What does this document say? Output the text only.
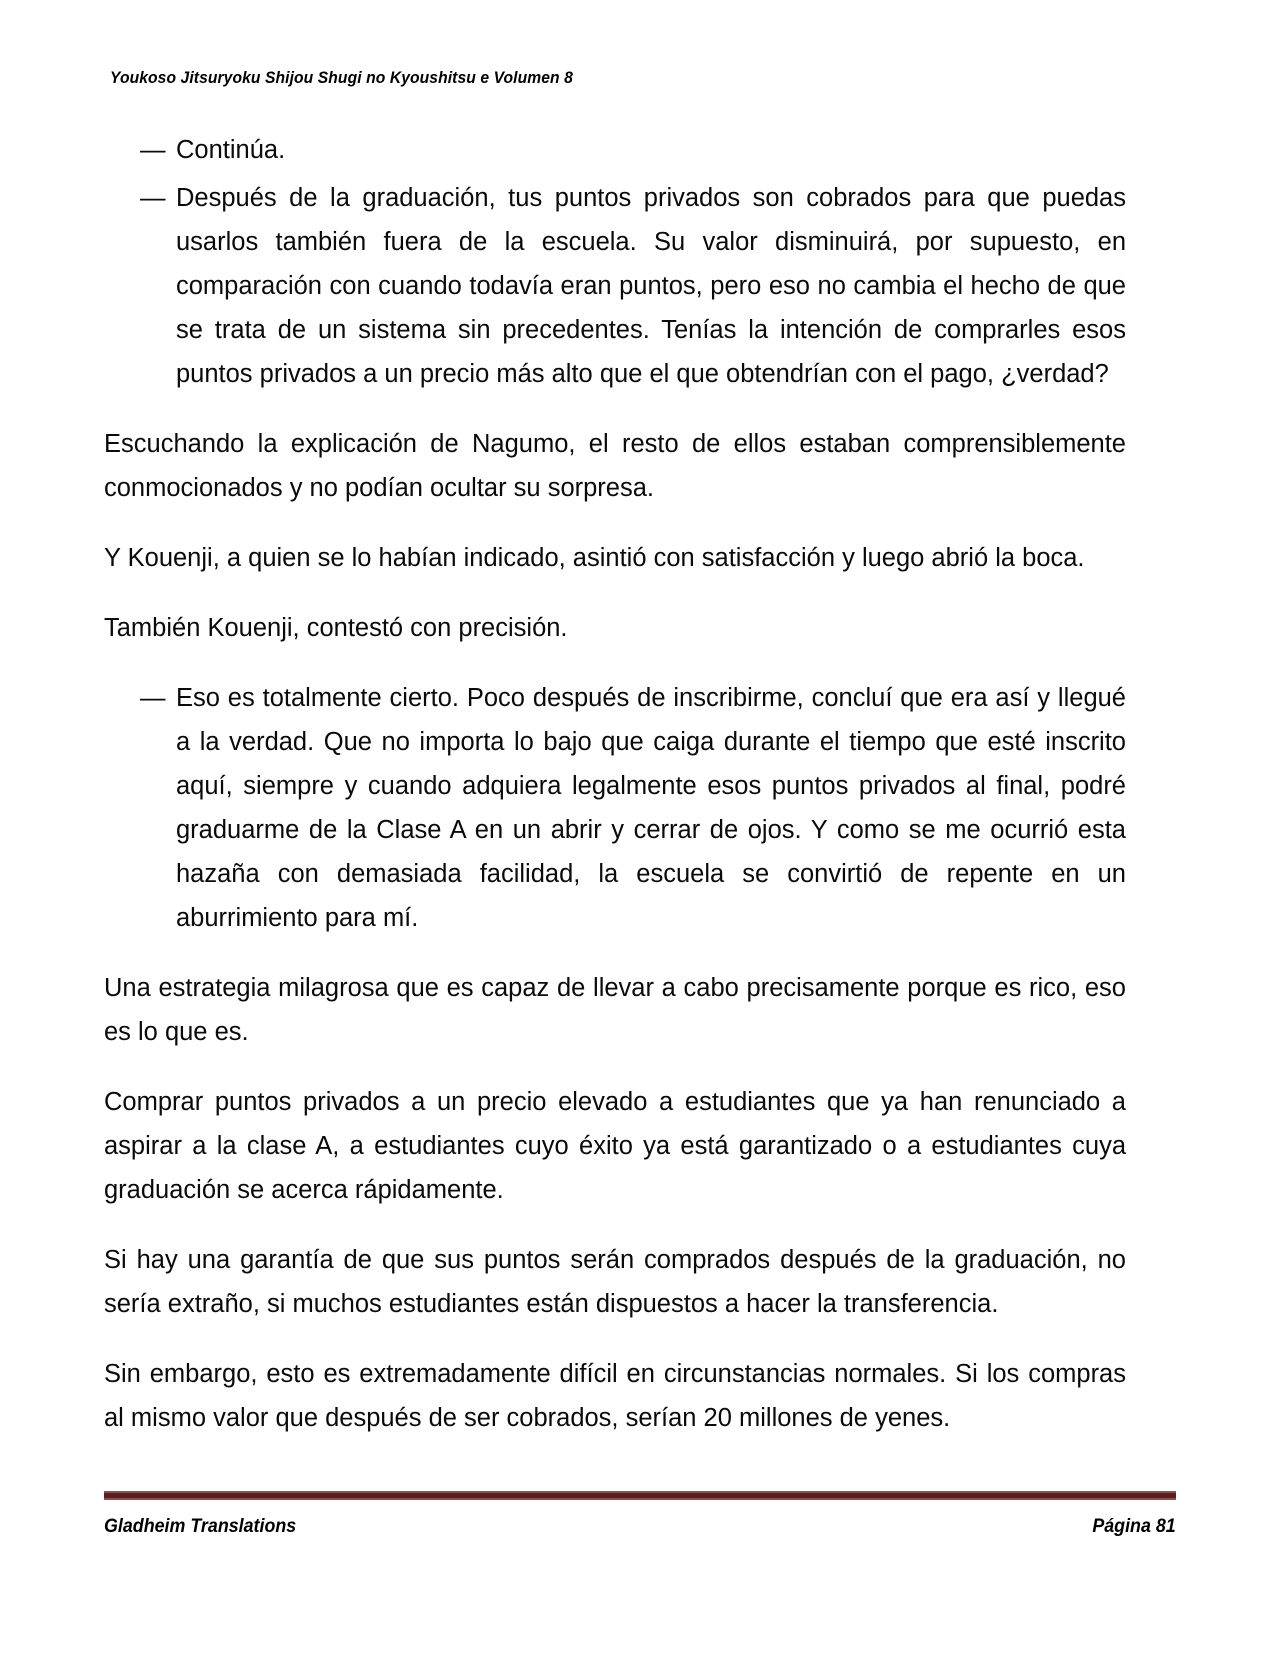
Youkoso Jitsuryoku Shijou Shugi no Kyoushitsu e Volumen 8

— Continúa.

— Después de la graduación, tus puntos privados son cobrados para que puedas usarlos también fuera de la escuela. Su valor disminuirá, por supuesto, en comparación con cuando todavía eran puntos, pero eso no cambia el hecho de que se trata de un sistema sin precedentes. Tenías la intención de comprarles esos puntos privados a un precio más alto que el que obtendrían con el pago, ¿verdad?

Escuchando la explicación de Nagumo, el resto de ellos estaban comprensiblemente conmocionados y no podían ocultar su sorpresa.

Y Kouenji, a quien se lo habían indicado, asintió con satisfacción y luego abrió la boca.

También Kouenji, contestó con precisión.

— Eso es totalmente cierto. Poco después de inscribirme, concluí que era así y llegué a la verdad. Que no importa lo bajo que caiga durante el tiempo que esté inscrito aquí, siempre y cuando adquiera legalmente esos puntos privados al final, podré graduarme de la Clase A en un abrir y cerrar de ojos. Y como se me ocurrió esta hazaña con demasiada facilidad, la escuela se convirtió de repente en un aburrimiento para mí.

Una estrategia milagrosa que es capaz de llevar a cabo precisamente porque es rico, eso es lo que es.

Comprar puntos privados a un precio elevado a estudiantes que ya han renunciado a aspirar a la clase A, a estudiantes cuyo éxito ya está garantizado o a estudiantes cuya graduación se acerca rápidamente.

Si hay una garantía de que sus puntos serán comprados después de la graduación, no sería extraño, si muchos estudiantes están dispuestos a hacer la transferencia.

Sin embargo, esto es extremadamente difícil en circunstancias normales. Si los compras al mismo valor que después de ser cobrados, serían 20 millones de yenes.

Gladheim Translations	Página 81
